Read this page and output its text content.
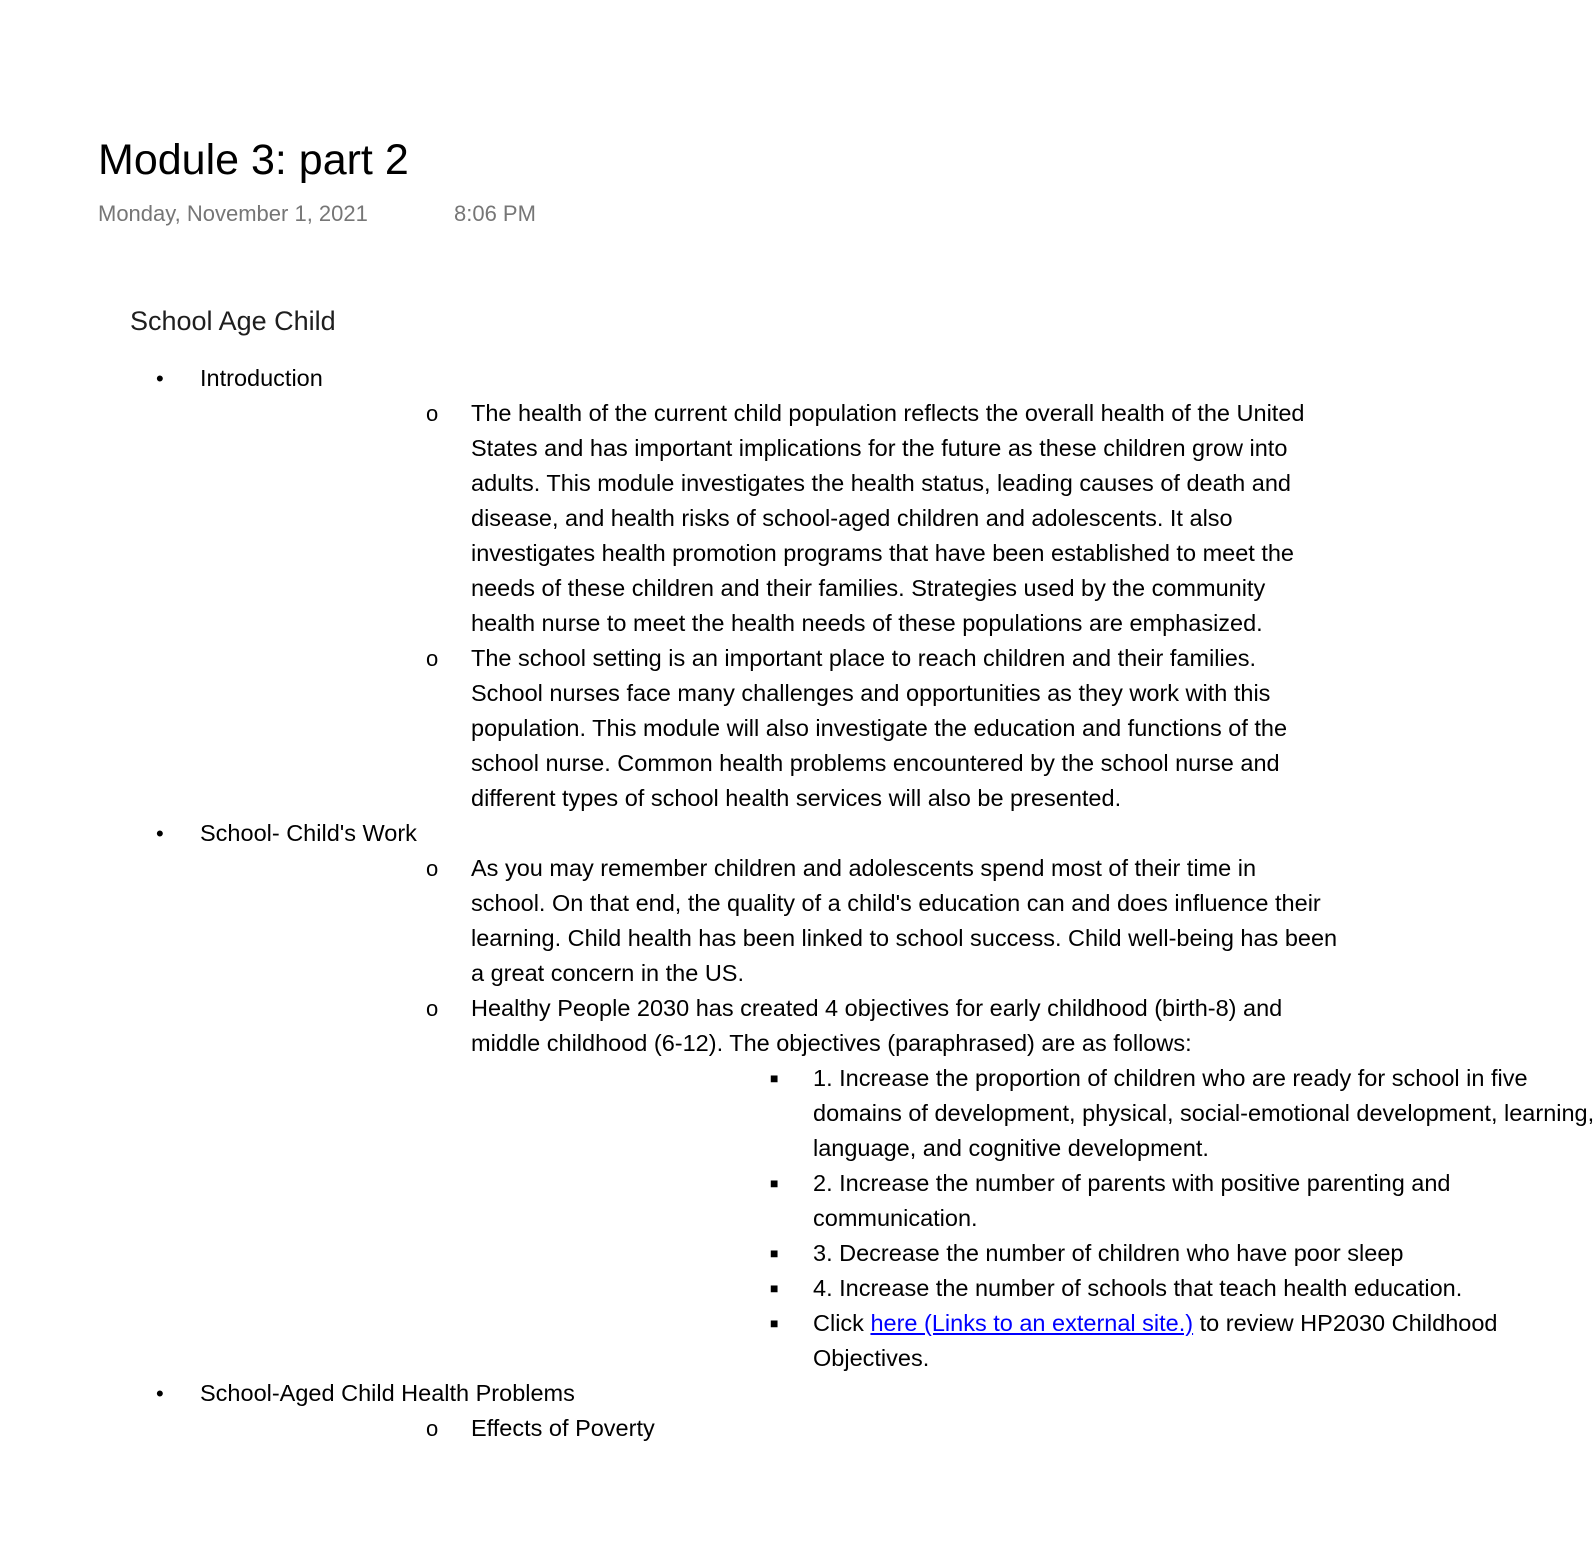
Module 3: part 2
Monday, November 1, 2021	8:06 PM
School Age Child
• Introduction
o The health of the current child population reflects the overall health of the United
States and has important implications for the future as these children grow into
adults. This module investigates the health status, leading causes of death and
disease, and health risks of school-aged children and adolescents. It also
investigates health promotion programs that have been established to meet the
needs of these children and their families. Strategies used by the community
health nurse to meet the health needs of these populations are emphasized.
o The school setting is an important place to reach children and their families.
School nurses face many challenges and opportunities as they work with this
population. This module will also investigate the education and functions of the
school nurse. Common health problems encountered by the school nurse and
different types of school health services will also be presented.
• School- Child's Work
o As you may remember children and adolescents spend most of their time in
school. On that end, the quality of a child's education can and does influence their
learning. Child health has been linked to school success. Child well-being has been
a great concern in the US.
o Healthy People 2030 has created 4 objectives for early childhood (birth-8) and
middle childhood (6-12). The objectives (paraphrased) are as follows:
■ 1. Increase the proportion of children who are ready for school in five
domains of development, physical, social-emotional development, learning,
language, and cognitive development.
■ 2. Increase the number of parents with positive parenting and
communication.
■ 3. Decrease the number of children who have poor sleep
■ 4. Increase the number of schools that teach health education.
■ Click here (Links to an external site.) to review HP2030 Childhood
Objectives.
• School-Aged Child Health Problems
o Effects of Poverty
